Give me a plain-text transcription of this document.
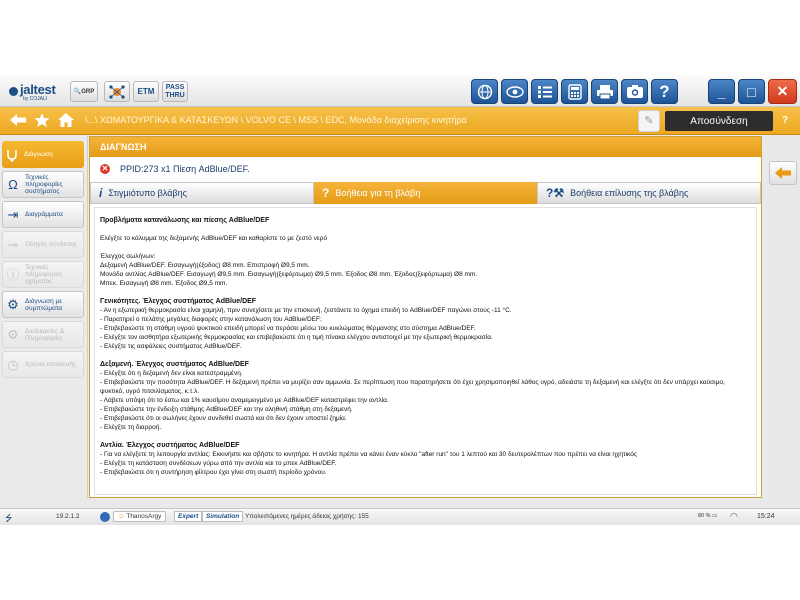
jaltest
by COJALI
🔍 GRP	ETM	PASS THRU	?	_	□	✕
\...\ ΧΩΜΑΤΟΥΡΓΙΚΑ & ΚΑΤΑΣΚΕΥΩΝ \ VOLVO CE \ MSS \ EDC, Μονάδα διαχείρισης κινητήρα	✎	Αποσύνδεση	?
Διάγνωση
Ω	Τεχνικές πληροφορίες συστήματος
⇥	Διαγράμματα
⊸	Οδηγός σύνδεσης
ⓘ Τεχνικές πληροφορίες οχήματος
⚙ Διάγνωση με συμπτώματα
⚙ Διαδικασίες & Πληροφορίες
◷ Χρόνοι επισκευής
ΔΙΑΓΝΩΣΗ
✕ PPID:273 x1 Πίεση AdBlue/DEF.
i Στιγμιότυπο βλάβης	? Βοήθεια για τη βλάβη	?⚒ Βοήθεια επίλυσης της βλάβης
Προβλήματα κατανάλωσης και πίεσης AdBlue/DEF
Ελέγξτε το κάλυμμα της δεξαμενής AdBlue/DEF και καθαρίστε το με ζεστό νερό
Έλεγχος σωλήνων:
Δεξαμενή AdBlue/DEF. Εισαγωγή(έξοδος) Ø8 mm. Επιστροφή Ø9,5 mm.
Μονάδα αντλίας AdBlue/DEF. Εισαγωγή Ø9,5 mm. Εισαγωγή(ξεφόρτωμα) Ø9,5 mm. Έξοδος Ø8 mm. Έξοδος(ξεφόρτωμα) Ø8 mm.
Μπεκ. Εισαγωγή Ø8 mm. Έξοδος Ø9,5 mm.
Γενικότητες. Έλεγχος συστήματος AdBlue/DEF
- Αν η εξωτερική θερμοκρασία είναι χαμηλή, πριν συνεχίσετε με την επισκευή, ζεστάνετε το όχημα επειδή το AdBlue/DEF παγώνει στους -11 °C.
- Παρατηρεί ο πελάτης μεγάλες διαφορές στην κατανάλωση του AdBlue/DEF;
- Επιβεβαιώστε τη στάθμη υγρού ψυκτικού επειδή μπορεί να περάσει μέσω του κυκλώματος θέρμανσης στο σύστημα AdBlue/DEF.
- Ελέγξτε τον αισθητήρα εξωτερικής θερμοκρασίας και επιβεβαιώστε ότι η τιμή πίνακα ελέγχου αντιστοιχεί με την εξωτερική θερμοκρασία.
- Ελέγξτε τις ασφάλειες συστήματος AdBlue/DEF.
Δεξαμενή. Έλεγχος συστήματος AdBlue/DEF
- Ελέγξτε ότι η δεξαμενή δεν είναι κατεστραμμένη.
- Επιβεβαιώστε την ποσότητα AdBlue/DEF. Η δεξαμενή πρέπει να μυρίζει σαν αμμωνία. Σε περίπτωση που παρατηρήσετε ότι έχει χρησιμοποιηθεί λάθος υγρό, αδειάστε τη δεξαμενή και ελέγξτε ότι δεν υπάρχει καύσιμο, ψυκτικό, υγρό πιτσιλίσματος, κ.τ.λ.
- Λάβετε υπόψη ότι το έστω και 1% καυσίμου αναμεμειγμένο με AdBlue/DEF καταστρέφει την αντλία.
- Επιβεβαιώστε την ένδειξη στάθμης AdBlue/DEF και την αληθινή στάθμη στη δεξαμενή.
- Επιβεβαιώστε ότι οι σωλήνες έχουν συνδεθεί σωστά και ότι δεν έχουν υποστεί ζημία.
- Ελέγξτε τη διαρροή.
Αντλία. Έλεγχος συστήματος AdBlue/DEF
- Για να ελέγξετε τη λειτουργία αντλίας: Εκκινήστε και σβήστε το κινητήρα. Η αντλία πρέπει να κάνει έναν κύκλο "after run" του 1 λεπτού και 30 δευτερολέπτων που πρέπει να είναι ηχητικός
- Ελέγξτε τη κατάσταση συνδέσεων γύρω από την αντλία και το μπεκ AdBlue/DEF.
- Επιβεβαιώστε ότι η συντήρηση φίλτρου έχει γίνει στη σωστή περίοδο χρόνου.
⭍	19.2.1.2	☺ ThanosArgy	Expert	Simulation Υπολειπόμενες ημέρες άδειας χρήσης: 155	80 % ▭ ◠	15:24
